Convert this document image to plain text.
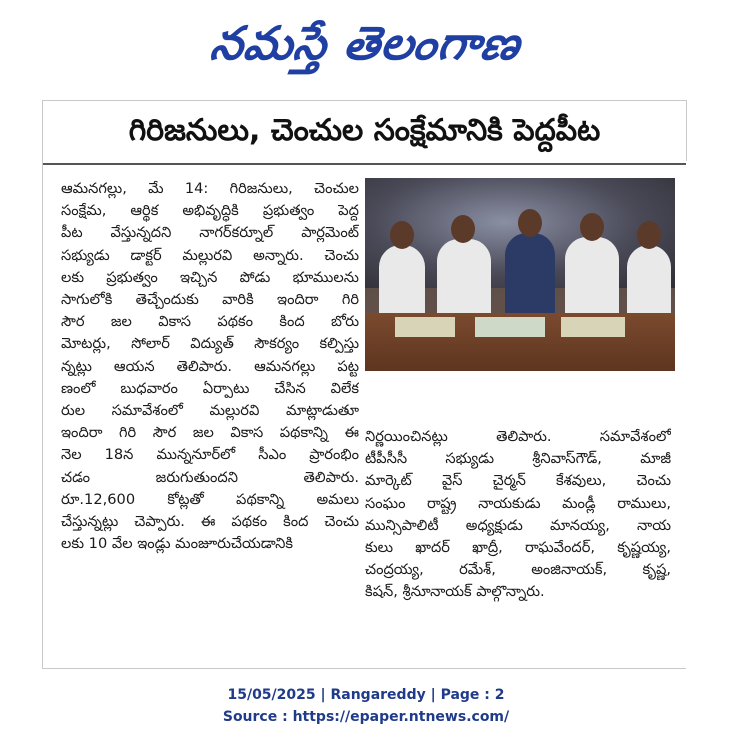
నమస్తే తెలంగాణ
గిరిజనులు, చెంచుల సంక్షేమానికి పెద్దపీట
ఆమనగల్లు, మే 14: గిరిజనులు, చెంచుల
సంక్షేమ, ఆర్థిక అభివృద్ధికి ప్రభుత్వం పెద్ద
పీట వేస్తున్నదని నాగర్‌కర్నూల్ పార్లమెంట్
సభ్యుడు డాక్టర్ మల్లురవి అన్నారు. చెంచు
లకు ప్రభుత్వం ఇచ్చిన పోడు భూములను
సాగులోకి తెచ్చేందుకు వారికి ఇందిరా గిరి
సౌర జల వికాస పథకం కింద బోరు
మోటర్లు, సోలార్ విద్యుత్ సౌకర్యం కల్పిస్తు
న్నట్లు ఆయన తెలిపారు. ఆమనగల్లు పట్ట
ణంలో బుధవారం ఏర్పాటు చేసిన విలేక
రుల సమావేశంలో మల్లురవి మాట్లాడుతూ
ఇందిరా గిరి సౌర జల వికాస పథకాన్ని ఈ
నెల 18న మున్ననూర్‌లో సీఎం ప్రారంభిం
చడం జరుగుతుందని తెలిపారు.
రూ.12,600 కోట్లతో పథకాన్ని అమలు
చేస్తున్నట్లు చెప్పారు. ఈ పథకం కింద చెంచు
లకు 10 వేల ఇండ్లు మంజూరుచేయడానికి
నిర్ణయించినట్లు తెలిపారు. సమావేశంలో
టీపీసీసీ సభ్యుడు శ్రీనివాస్‌గౌడ్, మాజీ
మార్కెట్ వైస్ చైర్మన్ కేశవులు, చెంచు
సంఘం రాష్ట్ర నాయకుడు మండ్లీ రాములు,
మున్సిపాలిటీ అధ్యక్షుడు మానయ్య, నాయ
కులు ఖాదర్ ఖాద్రీ, రాఘవేందర్, కృష్ణయ్య,
చంద్రయ్య, రమేశ్, అంజినాయక్, కృష్ణ,
కిషన్, శ్రీనూనాయక్ పాల్గొన్నారు.
15/05/2025 | Rangareddy | Page : 2
Source : https://epaper.ntnews.com/
